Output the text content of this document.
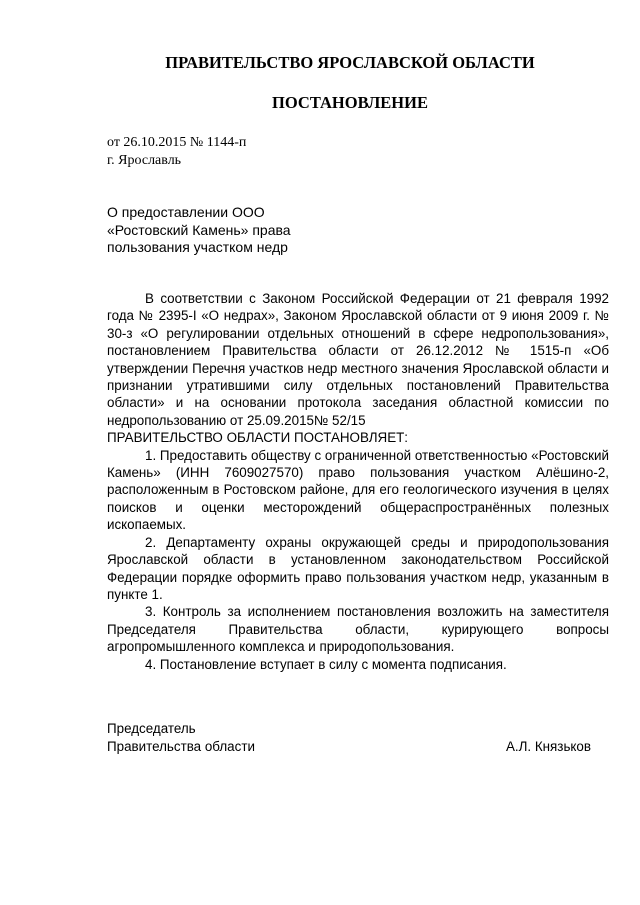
ПРАВИТЕЛЬСТВО ЯРОСЛАВСКОЙ ОБЛАСТИ
ПОСТАНОВЛЕНИЕ
от 26.10.2015 № 1144-п
г. Ярославль
О предоставлении ООО
«Ростовский Камень» права
пользования участком недр

В соответствии с Законом Российской Федерации от 21 февраля 1992 года № 2395-I «О недрах», Законом Ярославской области от 9 июня 2009 г. № 30-з «О регулировании отдельных отношений в сфере недропользования», постановлением Правительства области от 26.12.2012 № 1515-п «Об утверждении Перечня участков недр местного значения Ярославской области и признании утратившими силу отдельных постановлений Правительства области» и на основании протокола заседания областной комиссии по недропользованию от 25.09.2015№ 52/15

ПРАВИТЕЛЬСТВО ОБЛАСТИ ПОСТАНОВЛЯЕТ:

1. Предоставить обществу с ограниченной ответственностью «Ростовский Камень» (ИНН 7609027570) право пользования участком Алёшино-2, расположенным в Ростовском районе, для его геологического изучения в целях поисков и оценки месторождений общераспространённых полезных ископаемых.

2. Департаменту охраны окружающей среды и природопользования Ярославской области в установленном законодательством Российской Федерации порядке оформить право пользования участком недр, указанным в пункте 1.

3. Контроль за исполнением постановления возложить на заместителя Председателя Правительства области, курирующего вопросы агропромышленного комплекса и природопользования.

4. Постановление вступает в силу с момента подписания.

Председатель
Правительства области	А.Л. Князьков
